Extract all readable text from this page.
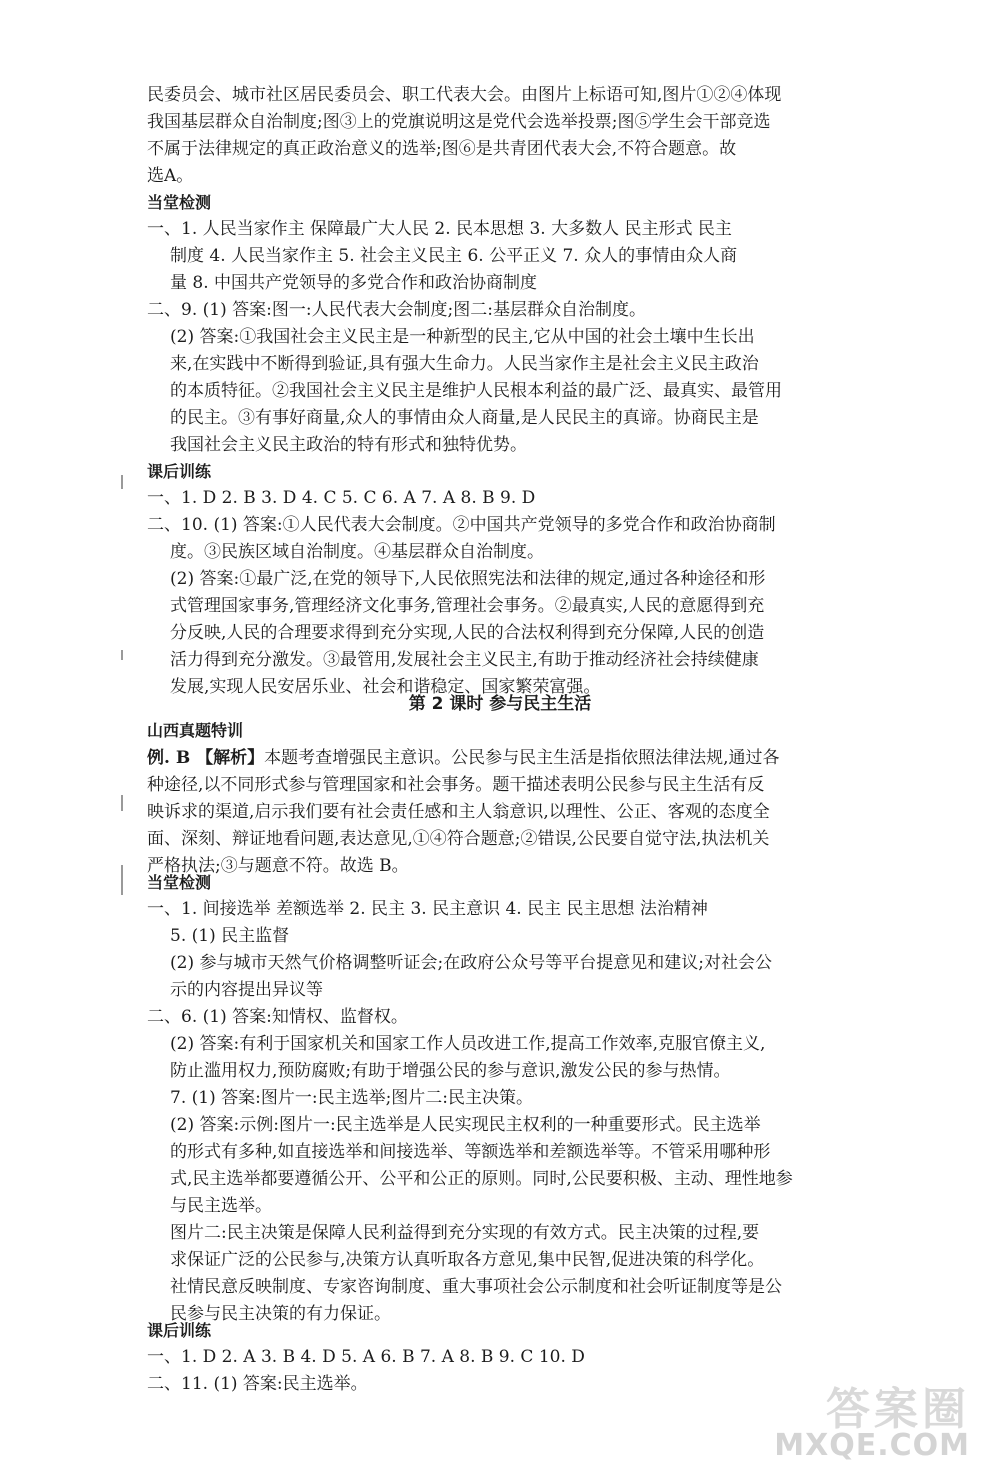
民委员会、城市社区居民委员会、职工代表大会。由图片上标语可知,图片①②④体现
我国基层群众自治制度;图③上的党旗说明这是党代会选举投票;图⑤学生会干部竞选
不属于法律规定的真正政治意义的选举;图⑥是共青团代表大会,不符合题意。故
选A。
当堂检测
一、1. 人民当家作主 保障最广大人民 2. 民本思想 3. 大多数人 民主形式 民主
制度 4. 人民当家作主 5. 社会主义民主 6. 公平正义 7. 众人的事情由众人商
量 8. 中国共产党领导的多党合作和政治协商制度
二、9. (1) 答案:图一:人民代表大会制度;图二:基层群众自治制度。
(2) 答案:①我国社会主义民主是一种新型的民主,它从中国的社会土壤中生长出
来,在实践中不断得到验证,具有强大生命力。人民当家作主是社会主义民主政治
的本质特征。②我国社会主义民主是维护人民根本利益的最广泛、最真实、最管用
的民主。③有事好商量,众人的事情由众人商量,是人民民主的真谛。协商民主是
我国社会主义民主政治的特有形式和独特优势。
课后训练
一、1. D 2. B 3. D 4. C 5. C 6. A 7. A 8. B 9. D
二、10. (1) 答案:①人民代表大会制度。②中国共产党领导的多党合作和政治协商制
度。③民族区域自治制度。④基层群众自治制度。
(2) 答案:①最广泛,在党的领导下,人民依照宪法和法律的规定,通过各种途径和形
式管理国家事务,管理经济文化事务,管理社会事务。②最真实,人民的意愿得到充
分反映,人民的合理要求得到充分实现,人民的合法权利得到充分保障,人民的创造
活力得到充分激发。③最管用,发展社会主义民主,有助于推动经济社会持续健康
发展,实现人民安居乐业、社会和谐稳定、国家繁荣富强。
第 2 课时 参与民主生活
山西真题特训
例. B 【解析】本题考查增强民主意识。公民参与民主生活是指依照法律法规,通过各
种途径,以不同形式参与管理国家和社会事务。题干描述表明公民参与民主生活有反
映诉求的渠道,启示我们要有社会责任感和主人翁意识,以理性、公正、客观的态度全
面、深刻、辩证地看问题,表达意见,①④符合题意;②错误,公民要自觉守法,执法机关
严格执法;③与题意不符。故选 B。
当堂检测
一、1. 间接选举 差额选举 2. 民主 3. 民主意识 4. 民主 民主思想 法治精神
5. (1) 民主监督
(2) 参与城市天然气价格调整听证会;在政府公众号等平台提意见和建议;对社会公
示的内容提出异议等
二、6. (1) 答案:知情权、监督权。
(2) 答案:有利于国家机关和国家工作人员改进工作,提高工作效率,克服官僚主义,
防止滥用权力,预防腐败;有助于增强公民的参与意识,激发公民的参与热情。
7. (1) 答案:图片一:民主选举;图片二:民主决策。
(2) 答案:示例:图片一:民主选举是人民实现民主权利的一种重要形式。民主选举
的形式有多种,如直接选举和间接选举、等额选举和差额选举等。不管采用哪种形
式,民主选举都要遵循公开、公平和公正的原则。同时,公民要积极、主动、理性地参
与民主选举。
图片二:民主决策是保障人民利益得到充分实现的有效方式。民主决策的过程,要
求保证广泛的公民参与,决策方认真听取各方意见,集中民智,促进决策的科学化。
社情民意反映制度、专家咨询制度、重大事项社会公示制度和社会听证制度等是公
民参与民主决策的有力保证。
课后训练
一、1. D 2. A 3. B 4. D 5. A 6. B 7. A 8. B 9. C 10. D
二、11. (1) 答案:民主选举。	答案圈
MXQE.COM
